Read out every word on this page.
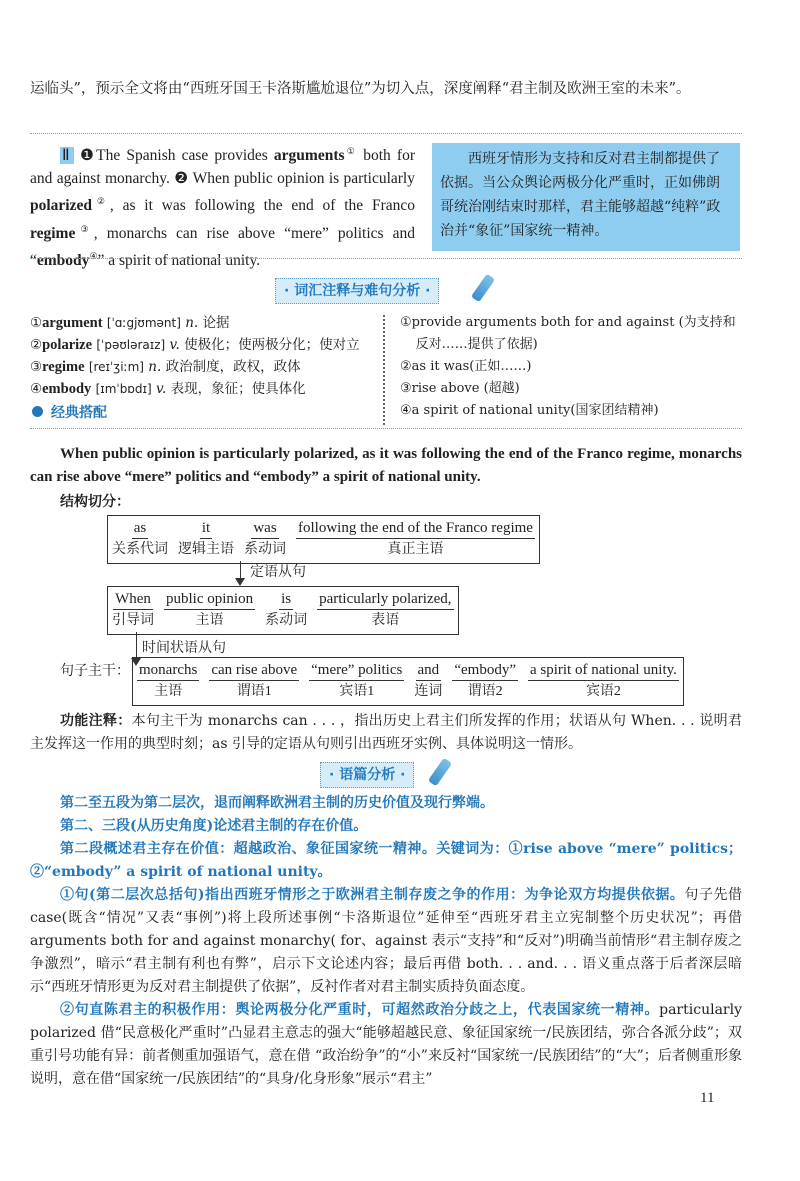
运临头”，预示全文将由“西班牙国王卡洛斯尴尬退位”为切入点，深度阐释“君主制及欧洲王室的未来”。
Ⅱ ❶The Spanish case provides arguments① both for and against monarchy. ❷ When public opinion is particularly polarized②, as it was following the end of the Franco regime③, monarchs can rise above “mere” politics and “embody④” a spirit of national unity.
西班牙情形为支持和反对君主制都提供了依据。当公众舆论两极分化严重时，正如佛朗哥统治刚结束时那样，君主能够超越“纯粹”政治并“象征”国家统一精神。
· 词汇注释与难句分析 ·
①argument [ˈɑːgjʊmənt] n. 论据
②polarize [ˈpəʊləraɪz] v. 使极化；使两极分化；使对立
③regime [reɪˈʒiːm] n. 政治制度，政权，政体
④embody [ɪmˈbɒdɪ] v. 表现，象征；使具体化
①provide arguments both for and against (为支持和反对……提供了依据)
②as it was(正如……)
③rise above (超越)
④a spirit of national unity(国家团结精神)
经典搭配
When public opinion is particularly polarized, as it was following the end of the Franco regime, monarchs can rise above “mere” politics and “embody” a spirit of national unity.
结构切分：
as
关系代词
it
逻辑主语
was
系动词
following the end of the Franco regime
真正主语
定语从句
When
引导词
public opinion
主语
is
系动词
particularly polarized,
表语
时间状语从句
句子主干： monarchs
主语
can rise above
谓语1
“mere” politics
宾语1
and
连词
“embody”
谓语2
a spirit of national unity.
宾语2
功能注释：本句主干为 monarchs can . . . ，指出历史上君主们所发挥的作用；状语从句 When. . . 说明君主发挥这一作用的典型时刻；as 引导的定语从句则引出西班牙实例、具体说明这一情形。
· 语篇分析 ·
第二至五段为第二层次，退而阐释欧洲君主制的历史价值及现行弊端。
第二、三段(从历史角度)论述君主制的存在价值。
第二段概述君主存在价值：超越政治、象征国家统一精神。关键词为：①rise above “mere” politics；②“embody” a spirit of national unity。
①句(第二层次总括句)指出西班牙情形之于欧洲君主制存废之争的作用：为争论双方均提供依据。句子先借 case(既含“情况”又表“事例”)将上段所述事例“卡洛斯退位”延伸至“西班牙君主立宪制整个历史状况”；再借 arguments both for and against monarchy( for、against 表示“支持”和“反对”)明确当前情形“君主制存废之争激烈”，暗示“君主制有利也有弊”，启示下文论述内容；最后再借 both. . . and. . . 语义重点落于后者深层暗示“西班牙情形更为反对君主制提供了依据”，反衬作者对君主制实质持负面态度。
②句直陈君主的积极作用：舆论两极分化严重时，可超然政治分歧之上，代表国家统一精神。particularly polarized 借“民意极化严重时”凸显君主意志的强大“能够超越民意、象征国家统一/民族团结，弥合各派分歧”；双重引号功能有异：前者侧重加强语气，意在借 “政治纷争”的“小”来反衬“国家统一/民族团结”的“大”；后者侧重形象说明，意在借“国家统一/民族团结”的“具身/化身形象”展示“君主”
11
